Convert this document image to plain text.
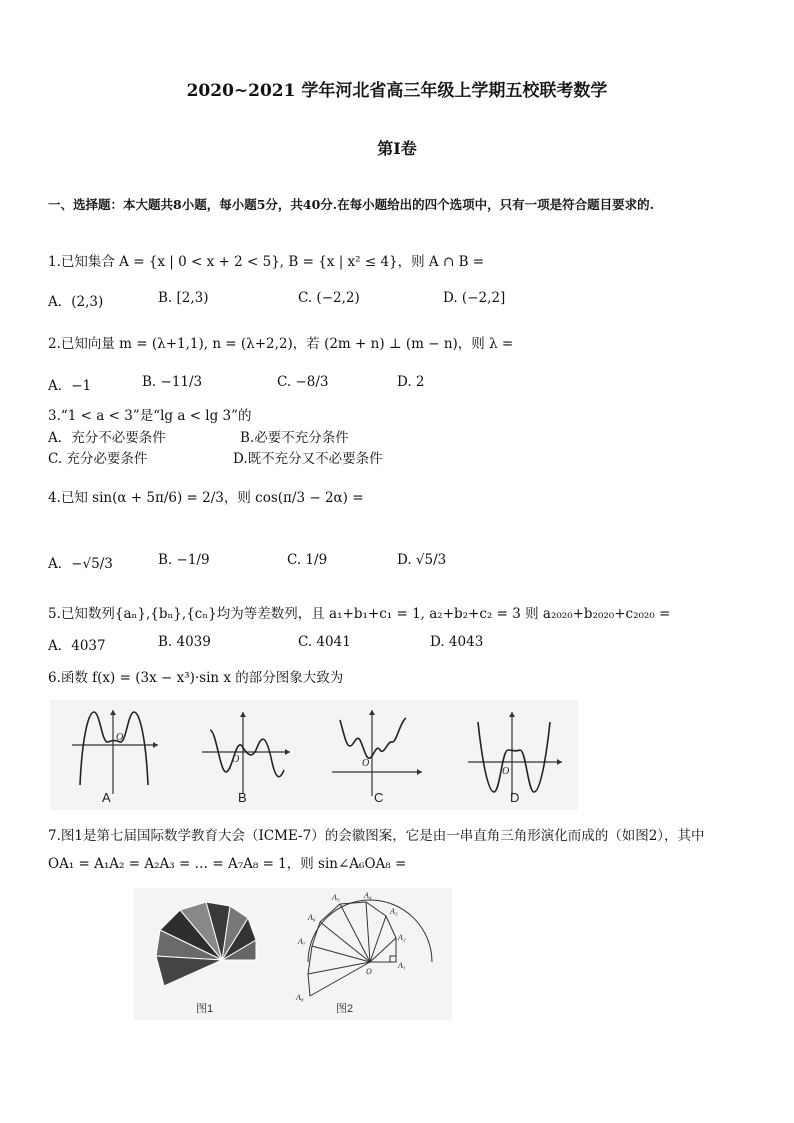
2020~2021 学年河北省高三年级上学期五校联考数学
第Ⅰ卷
一、选择题：本大题共8小题，每小题5分，共40分.在每小题给出的四个选项中，只有一项是符合题目要求的.
1.已知集合 A = {x | 0 < x + 2 < 5}, B = {x | x² ≤ 4}，则 A ∩ B =
A．(2,3)	B. [2,3)	C. (−2,2)	D. (−2,2]
2.已知向量 m = (λ+1,1), n = (λ+2,2)，若 (2m + n) ⊥ (m − n)，则 λ =
A．−1	B. −11/3	C. −8/3	D. 2
3.“1 < a < 3”是“lg a < lg 3”的
A．充分不必要条件	B.必要不充分条件
C. 充分必要条件	D.既不充分又不必要条件
4.已知 sin(α + 5π/6) = 2/3，则 cos(π/3 − 2α) =
A．−√5/3	B. −1/9	C. 1/9	D. √5/3
5.已知数列{aₙ},{bₙ},{cₙ}均为等差数列，且 a₁+b₁+c₁ = 1, a₂+b₂+c₂ = 3 则 a₂₀₂₀+b₂₀₂₀+c₂₀₂₀ =
A．4037	B. 4039	C. 4041	D. 4043
6.函数 f(x) = (3x − x³)·sin x 的部分图象大致为
O
O	O
O
A	B	C	D
7.图1是第七届国际数学教育大会（ICME-7）的会徽图案，它是由一串直角三角形演化而成的（如图2），其中
OA₁ = A₁A₂ = A₂A₃ = … = A₇A₈ = 1，则 sin∠A₆OA₈ =
图1
A₁
A₂
A₃
A₄
A₅
A₆
A₇
A₈
O
图2
